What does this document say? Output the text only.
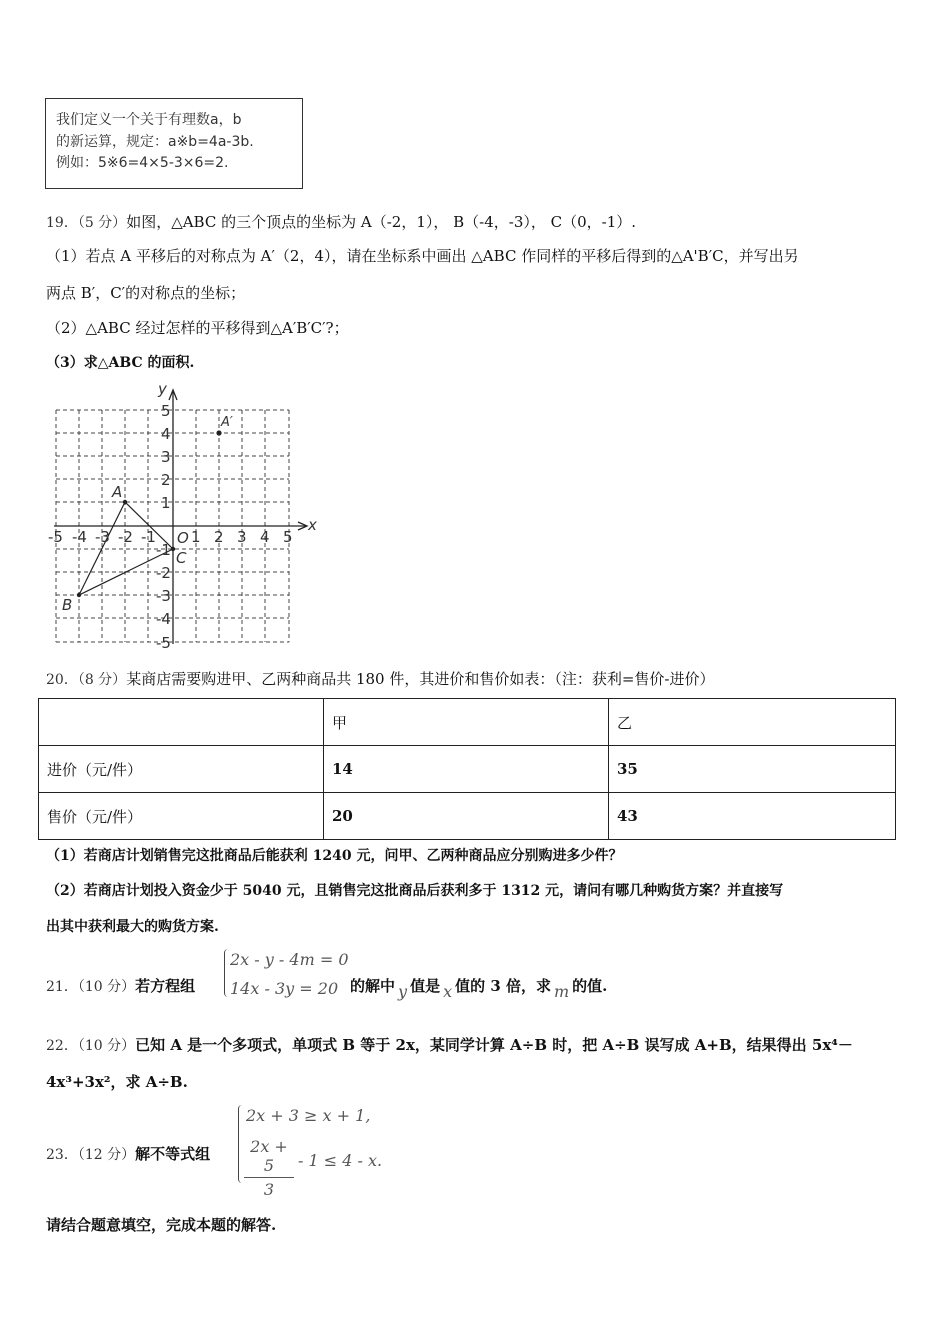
我们定义一个关于有理数a，b
的新运算，规定：a※b=4a-3b.
例如：5※6=4×5-3×6=2.
19．（5 分）如图，△ABC 的三个顶点的坐标为 A（-2，1）， B（-4，-3）， C（0，-1）.
（1）若点 A 平移后的对称点为 A′（2，4），请在坐标系中画出 △ABC 作同样的平移后得到的△A'B′C，并写出另
两点 B′，C′的对称点的坐标；
（2）△ABC 经过怎样的平移得到△A′B′C′?；
（3）求△ABC 的面积.
x
y
O
-5 -4 -3 -2 -1 1 2 3 4 5
5
4
3
2
1
-1
-2
-3
-4
-5
A
B
C
A′
20．（8 分）某商店需要购进甲、乙两种商品共 180 件，其进价和售价如表：（注：获利=售价-进价）
	甲	乙
进价（元/件）	14	35
售价（元/件）	20	43
（1）若商店计划销售完这批商品后能获利 1240 元，问甲、乙两种商品应分别购进多少件？
（2）若商店计划投入资金少于 5040 元，且销售完这批商品后获利多于 1312 元，请问有哪几种购货方案？并直接写
出其中获利最大的购货方案.
21．（10 分）若方程组
2x - y - 4m = 0
14x - 3y = 20 的解中 y 值是 x 值的 3 倍，求 m 的值.
22．（10 分）已知 A 是一个多项式，单项式 B 等于 2x，某同学计算 A÷B 时，把 A÷B 误写成 A+B，结果得出 5x⁴－
4x³+3x²，求 A÷B.
23．（12 分）解不等式组
2x + 3 ≥ x + 1,
$\frac{2x + 5}{3} - 1 \le 4 - x$.
请结合题意填空，完成本题的解答.
